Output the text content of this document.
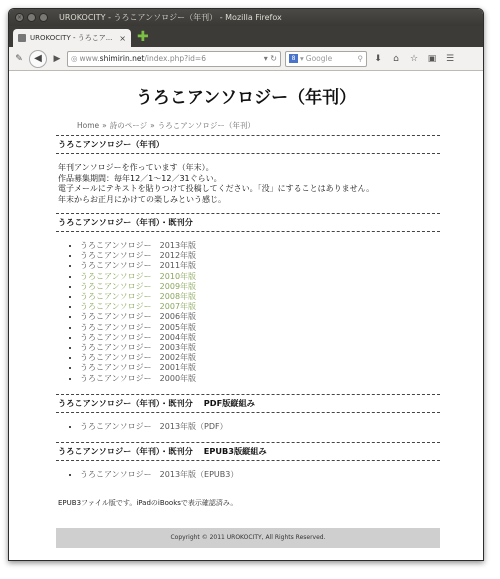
×	UROKOCITY - うろこアンソロジー（年刊） - Mozilla Firefox
UROKOCITY - うろこア... × ✚
✎	◀	▶	◎ www.shimirin.net/index.php?id=6	▾ ↻	8 ▾ Google	⚲	⬇	⌂	☆	▣	☰
うろこアンソロジー（年刊）
Home » 詩のページ » うろこアンソロジー（年刊）
うろこアンソロジー（年刊）
年刊アンソロジーを作っています（年末）。
作品募集期間：毎年12／1〜12／31ぐらい。
電子メールにテキストを貼りつけて投稿してください。「没」にすることはありません。
年末からお正月にかけての楽しみという感じ。
うろこアンソロジー（年刊）・既刊分
• うろこアンソロジー　2013年版
• うろこアンソロジー　2012年版
• うろこアンソロジー　2011年版
• うろこアンソロジー　2010年版
• うろこアンソロジー　2009年版
• うろこアンソロジー　2008年版
• うろこアンソロジー　2007年版
• うろこアンソロジー　2006年版
• うろこアンソロジー　2005年版
• うろこアンソロジー　2004年版
• うろこアンソロジー　2003年版
• うろこアンソロジー　2002年版
• うろこアンソロジー　2001年版
• うろこアンソロジー　2000年版
うろこアンソロジー（年刊）・既刊分　 PDF版縦組み
• うろこアンソロジー　2013年版（PDF）
うろこアンソロジー（年刊）・既刊分　 EPUB3版縦組み
• うろこアンソロジー　2013年版（EPUB3）
EPUB3ファイル版です。iPadのiBooksで表示確認済み。
Copyright © 2011 UROKOCITY, All Rights Reserved.
